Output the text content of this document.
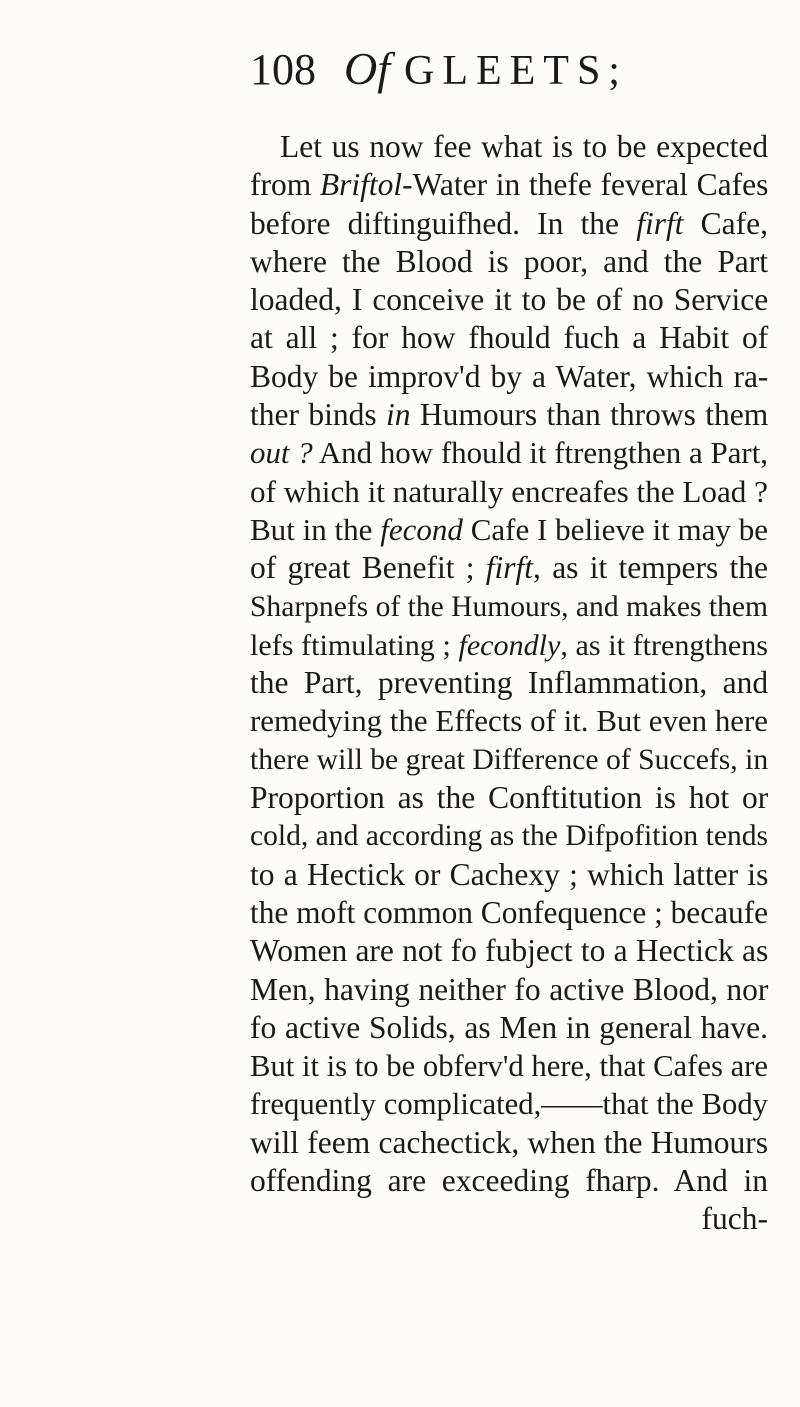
108 Of GLEETS;
Let us now fee what is to be expected
from Briftol-Water in thefe feveral Cafes
before diftinguifhed. In the firft Cafe,
where the Blood is poor, and the Part
loaded, I conceive it to be of no Service
at all ; for how fhould fuch a Habit of
Body be improv'd by a Water, which ra-
ther binds in Humours than throws them
out ? And how fhould it ftrengthen a Part,
of which it naturally encreafes the Load ?
But in the fecond Cafe I believe it may be
of great Benefit ; firft, as it tempers the
Sharpnefs of the Humours, and makes them
lefs ftimulating ; fecondly, as it ftrengthens
the Part, preventing Inflammation, and
remedying the Effects of it. But even here
there will be great Difference of Succefs, in
Proportion as the Conftitution is hot or
cold, and according as the Difpofition tends
to a Hectick or Cachexy ; which latter is
the moft common Confequence ; becaufe
Women are not fo fubject to a Hectick as
Men, having neither fo active Blood, nor
fo active Solids, as Men in general have.
But it is to be obferv'd here, that Cafes are
frequently complicated,——that the Body
will feem cachectick, when the Humours
offending are exceeding fharp. And in
fuch-
